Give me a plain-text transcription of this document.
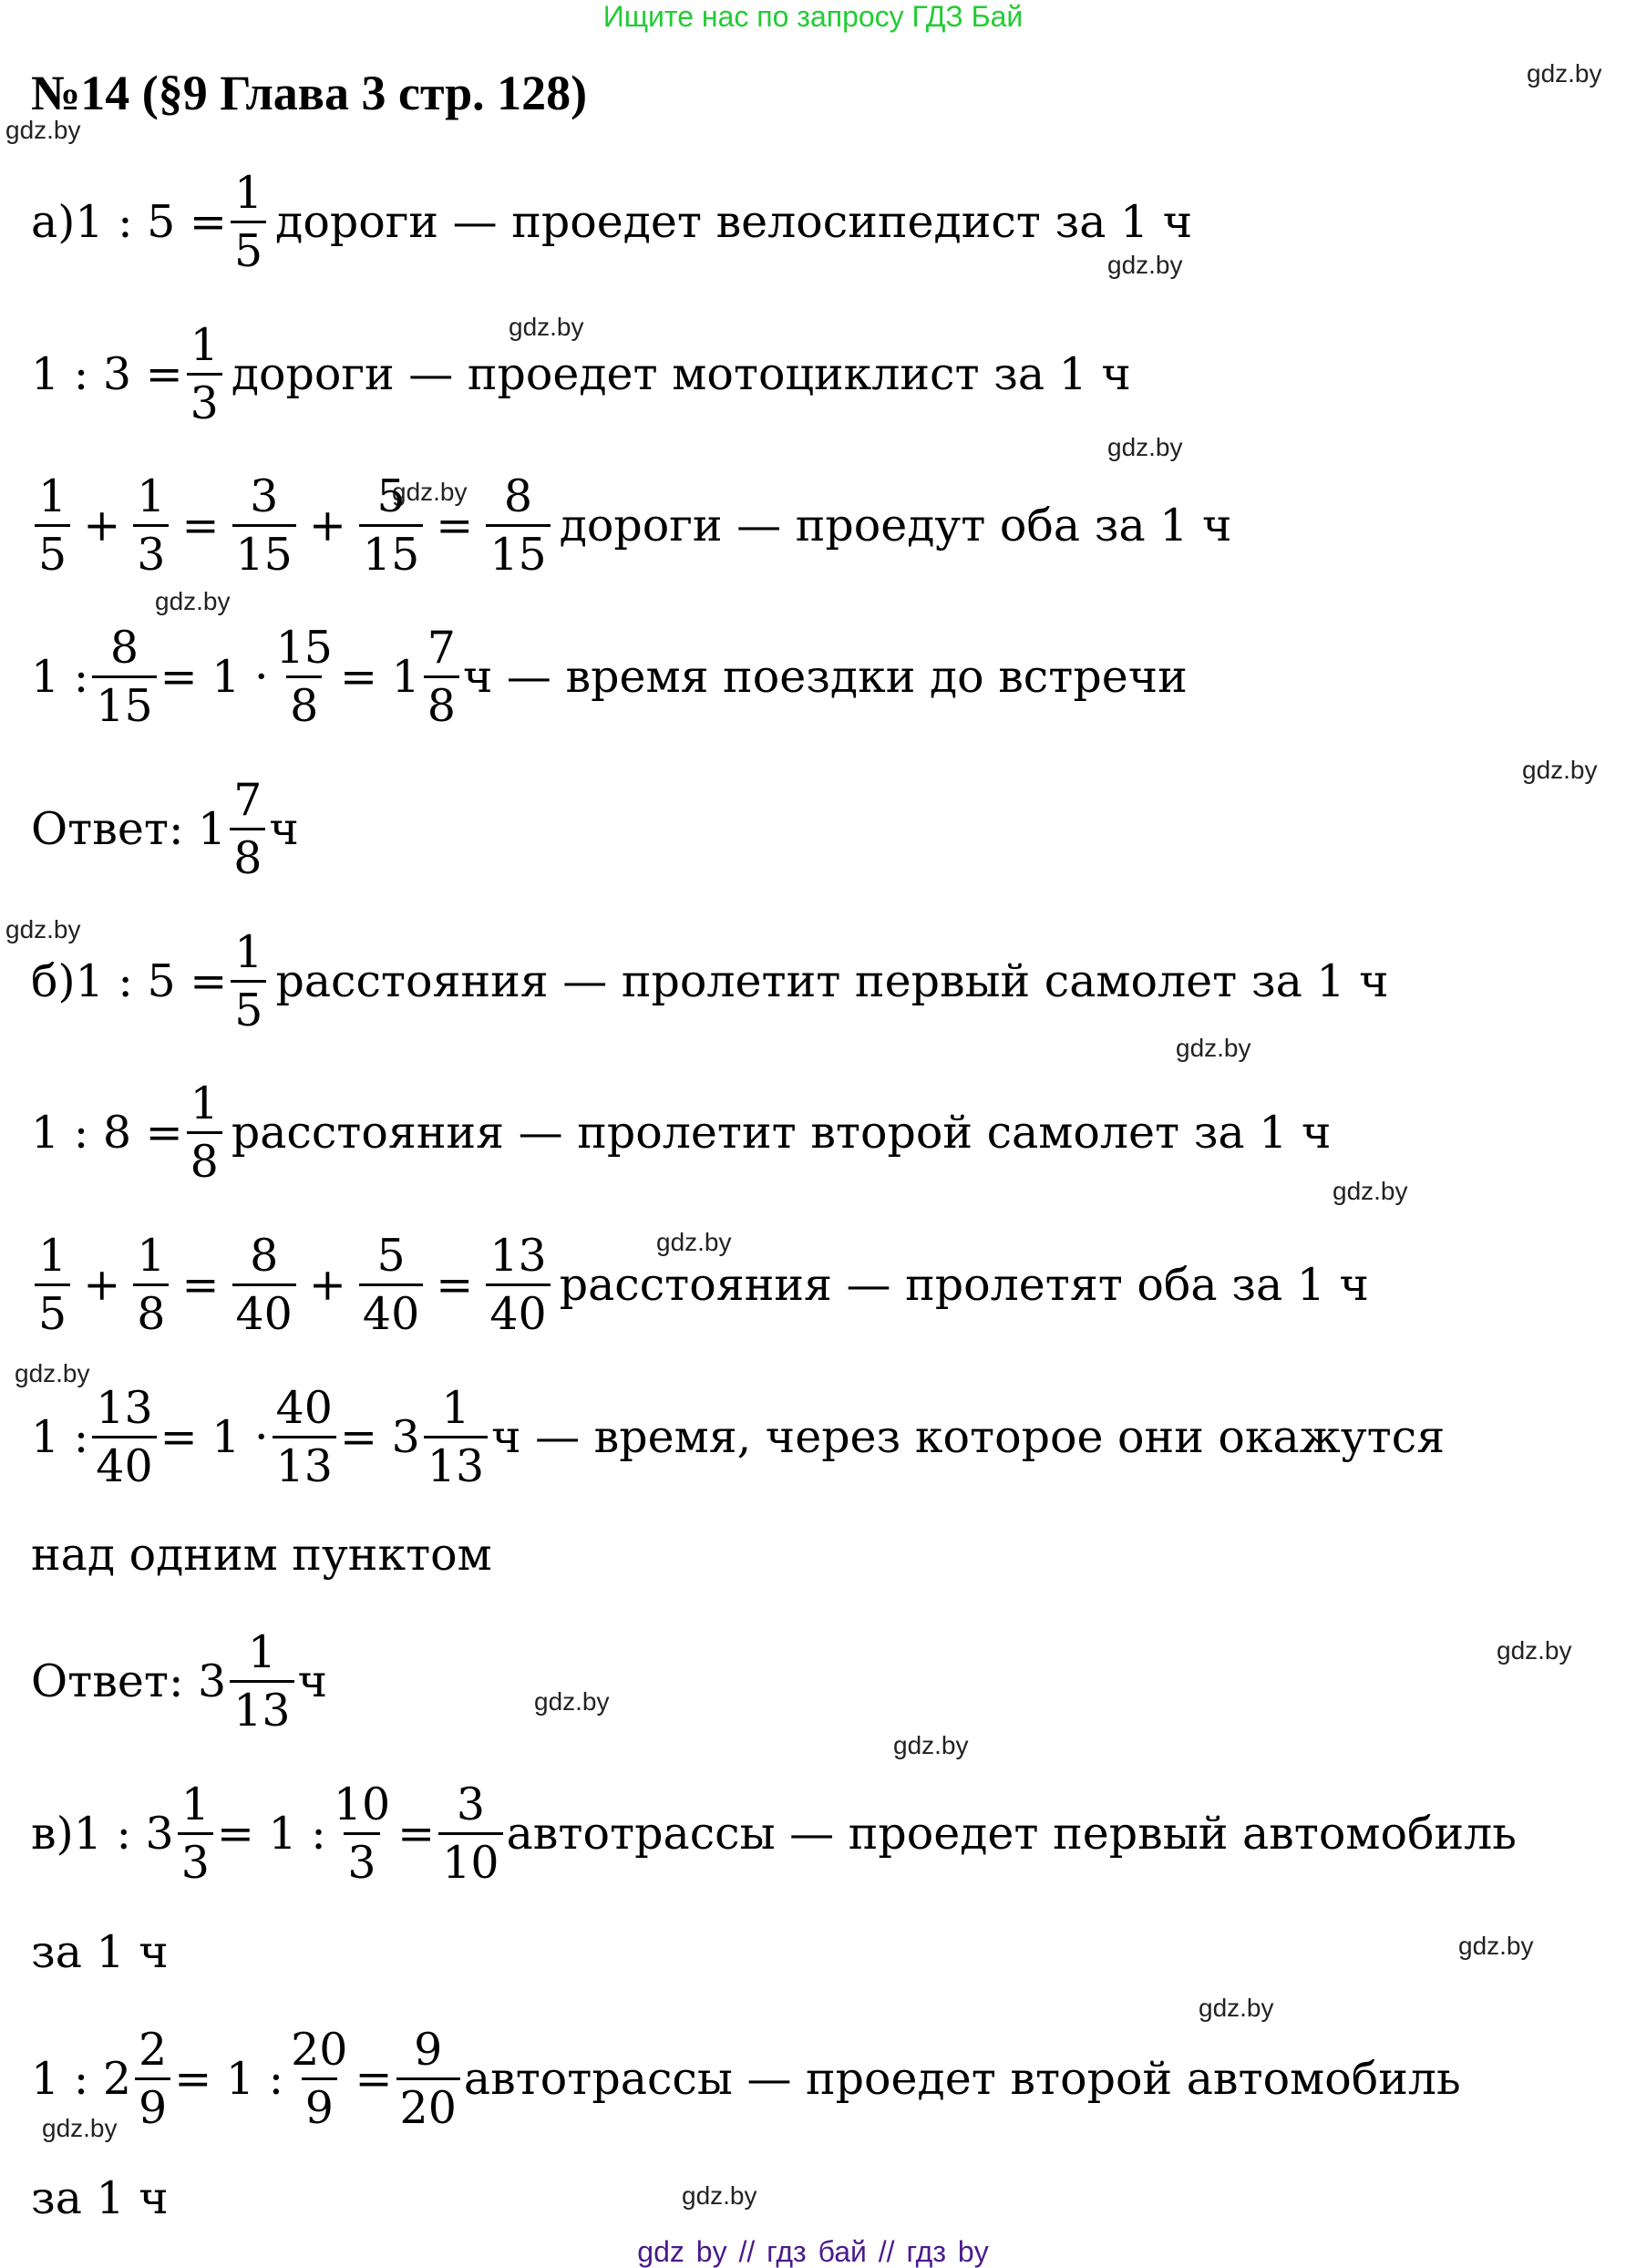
Ищите нас по запросу ГДЗ Бай
№14 (§9 Глава 3 стр. 128)	gdz.by
gdz.by
gdz.by
gdz.by
gdz.by
gdz.by
gdz.by
gdz.by
gdz.by
gdz.by
gdz.by
gdz.by
gdz.by
gdz.by
gdz.by
gdz.by
gdz.by
gdz.by
gdz.by
gdz.by
а)1 : $5 = \frac{1}{5}$ дороги — проедет велосипедист за 1 ч
1 : $3 = \frac{1}{3}$ дороги — проедет мотоциклист за 1 ч
$\frac{1}{5} + \frac{1}{3} = \frac{3}{15} + \frac{5}{15} = \frac{8}{15}$ дороги — проедут оба за 1 ч
1 : $\frac{8}{15} = 1 \cdot \frac{15}{8} = 1 \frac{7}{8}$ ч — время поездки до встречи
Ответ: $1 \frac{7}{8}$ ч
б)1 : $5 = \frac{1}{5}$ расстояния — пролетит первый самолет за 1 ч
1 : $8 = \frac{1}{8}$ расстояния — пролетит второй самолет за 1 ч
$\frac{1}{5} + \frac{1}{8} = \frac{8}{40} + \frac{5}{40} = \frac{13}{40}$ расстояния — пролетят оба за 1 ч
1 : $\frac{13}{40} = 1 \cdot \frac{40}{13} = 3 \frac{1}{13}$ ч — время, через которое они окажутся
над одним пунктом
Ответ: $3 \frac{1}{13}$ ч
в)1 : $3 \frac{1}{3} = 1$ : $\frac{10}{3} = \frac{3}{10}$ автотрассы — проедет первый автомобиль
за 1 ч
1 : $2 \frac{2}{9} = 1$ : $\frac{20}{9} = \frac{9}{20}$ автотрассы — проедет второй автомобиль
за 1 ч
gdz by // гдз бай // гдз by
